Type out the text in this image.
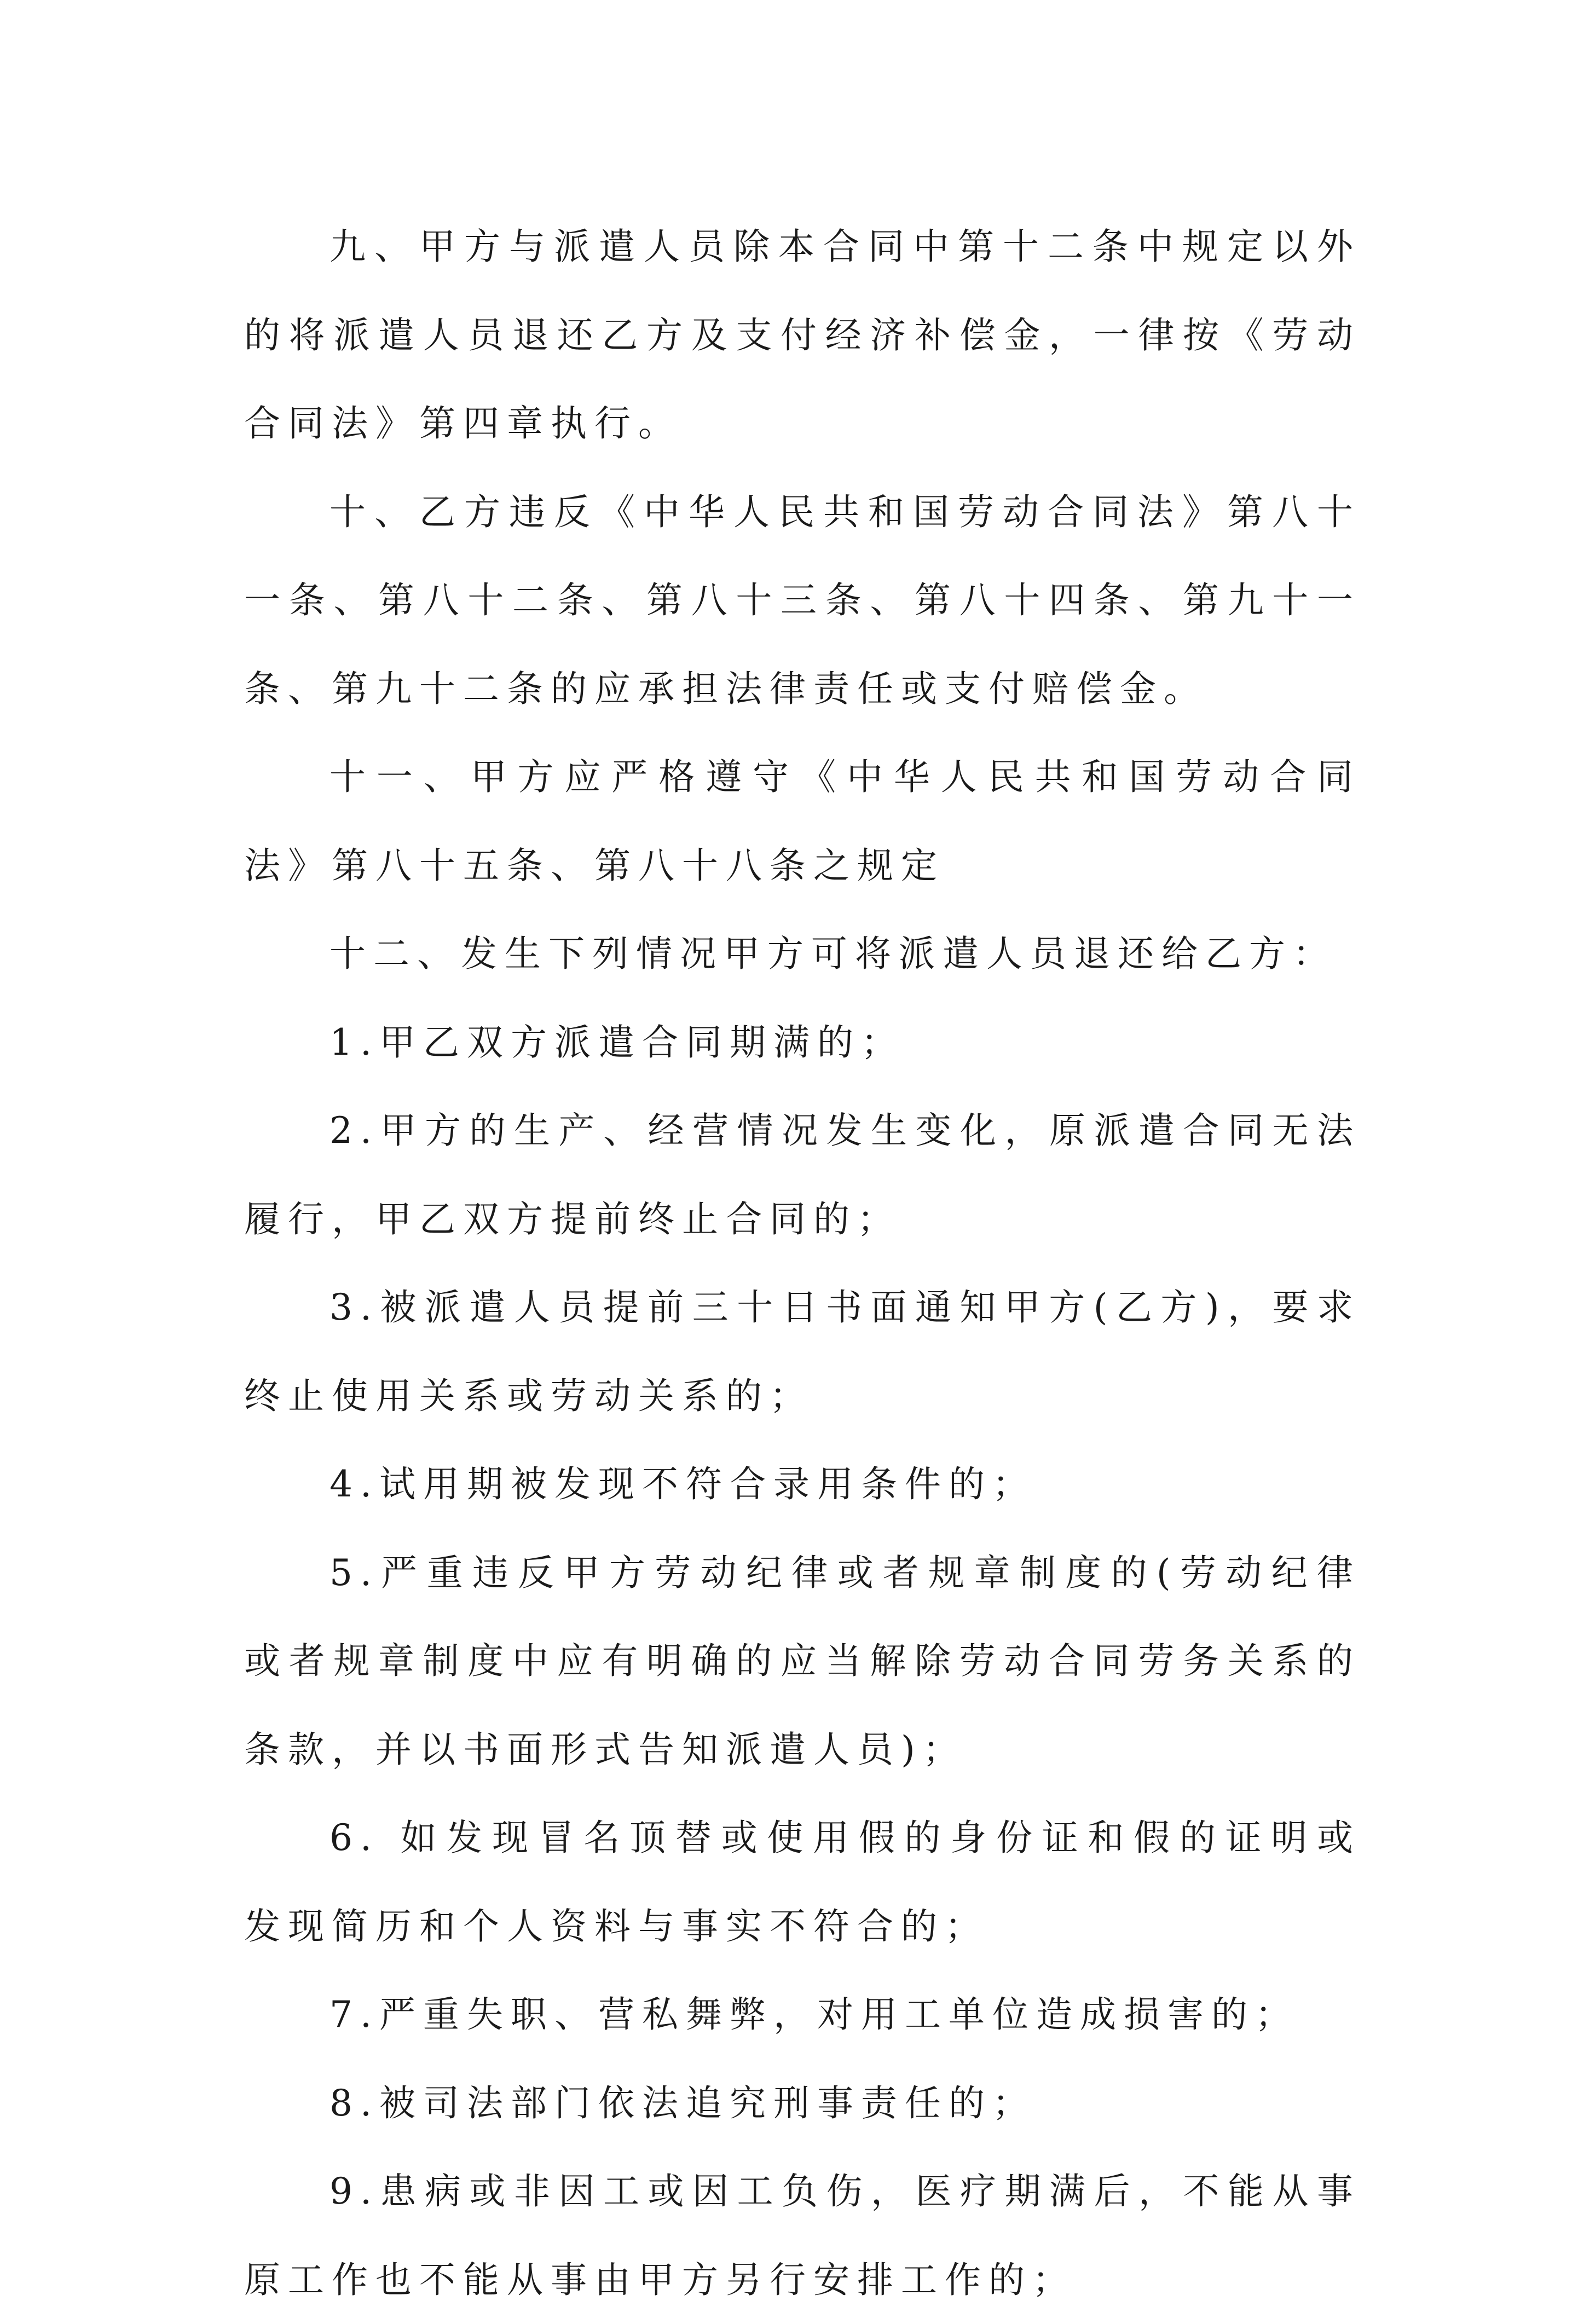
九、甲方与派遣人员除本合同中第十二条中规定以外的将派遣人员退还乙方及支付经济补偿金，一律按《劳动合同法》第四章执行。

十、乙方违反《中华人民共和国劳动合同法》第八十一条、第八十二条、第八十三条、第八十四条、第九十一条、第九十二条的应承担法律责任或支付赔偿金。

十一、甲方应严格遵守《中华人民共和国劳动合同法》第八十五条、第八十八条之规定

十二、发生下列情况甲方可将派遣人员退还给乙方：

1.甲乙双方派遣合同期满的；

2.甲方的生产、经营情况发生变化，原派遣合同无法履行，甲乙双方提前终止合同的；

3.被派遣人员提前三十日书面通知甲方(乙方)，要求终止使用关系或劳动关系的；

4.试用期被发现不符合录用条件的；

5.严重违反甲方劳动纪律或者规章制度的(劳动纪律或者规章制度中应有明确的应当解除劳动合同劳务关系的条款，并以书面形式告知派遣人员)；

6. 如发现冒名顶替或使用假的身份证和假的证明或发现简历和个人资料与事实不符合的；

7.严重失职、营私舞弊，对用工单位造成损害的；

8.被司法部门依法追究刑事责任的；

9.患病或非因工或因工负伤，医疗期满后，不能从事原工作也不能从事由甲方另行安排工作的；
